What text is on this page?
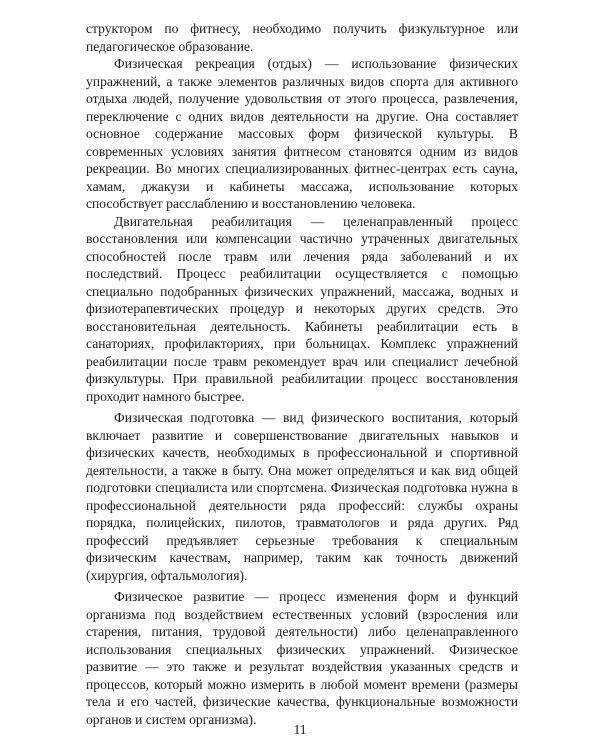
структором по фитнесу, необходимо получить физкультурное или педагогическое образование.

Физическая рекреация (отдых) — использование физических упражнений, а также элементов различных видов спорта для активного отдыха людей, получение удовольствия от этого процесса, развлечения, переключение с одних видов деятельности на другие. Она составляет основное содержание массовых форм физической культуры. В современных условиях занятия фитнесом становятся одним из видов рекреации. Во многих специализированных фитнес-центрах есть сауна, хамам, джакузи и кабинеты массажа, использование которых способствует расслаблению и восстановлению человека.

Двигательная реабилитация — целенаправленный процесс восстановления или компенсации частично утраченных двигательных способностей после травм или лечения ряда заболеваний и их последствий. Процесс реабилитации осуществляется с помощью специально подобранных физических упражнений, массажа, водных и физиотерапевтических процедур и некоторых других средств. Это восстановительная деятельность. Кабинеты реабилитации есть в санаториях, профилакториях, при больницах. Комплекс упражнений реабилитации после травм рекомендует врач или специалист лечебной физкультуры. При правильной реабилитации процесс восстановления проходит намного быстрее.

Физическая подготовка — вид физического воспитания, который включает развитие и совершенствование двигательных навыков и физических качеств, необходимых в профессиональной и спортивной деятельности, а также в быту. Она может определяться и как вид общей подготовки специалиста или спортсмена. Физическая подготовка нужна в профессиональной деятельности ряда профессий: службы охраны порядка, полицейских, пилотов, травматологов и ряда других. Ряд профессий предъявляет серьезные требования к специальным физическим качествам, например, таким как точность движений (хирургия, офтальмология).

Физическое развитие — процесс изменения форм и функций организма под воздействием естественных условий (взросления или старения, питания, трудовой деятельности) либо целенаправленного использования специальных физических упражнений. Физическое развитие — это также и результат воздействия указанных средств и процессов, который можно измерить в любой момент времени (размеры тела и его частей, физические качества, функциональные возможности органов и систем организма).

11
